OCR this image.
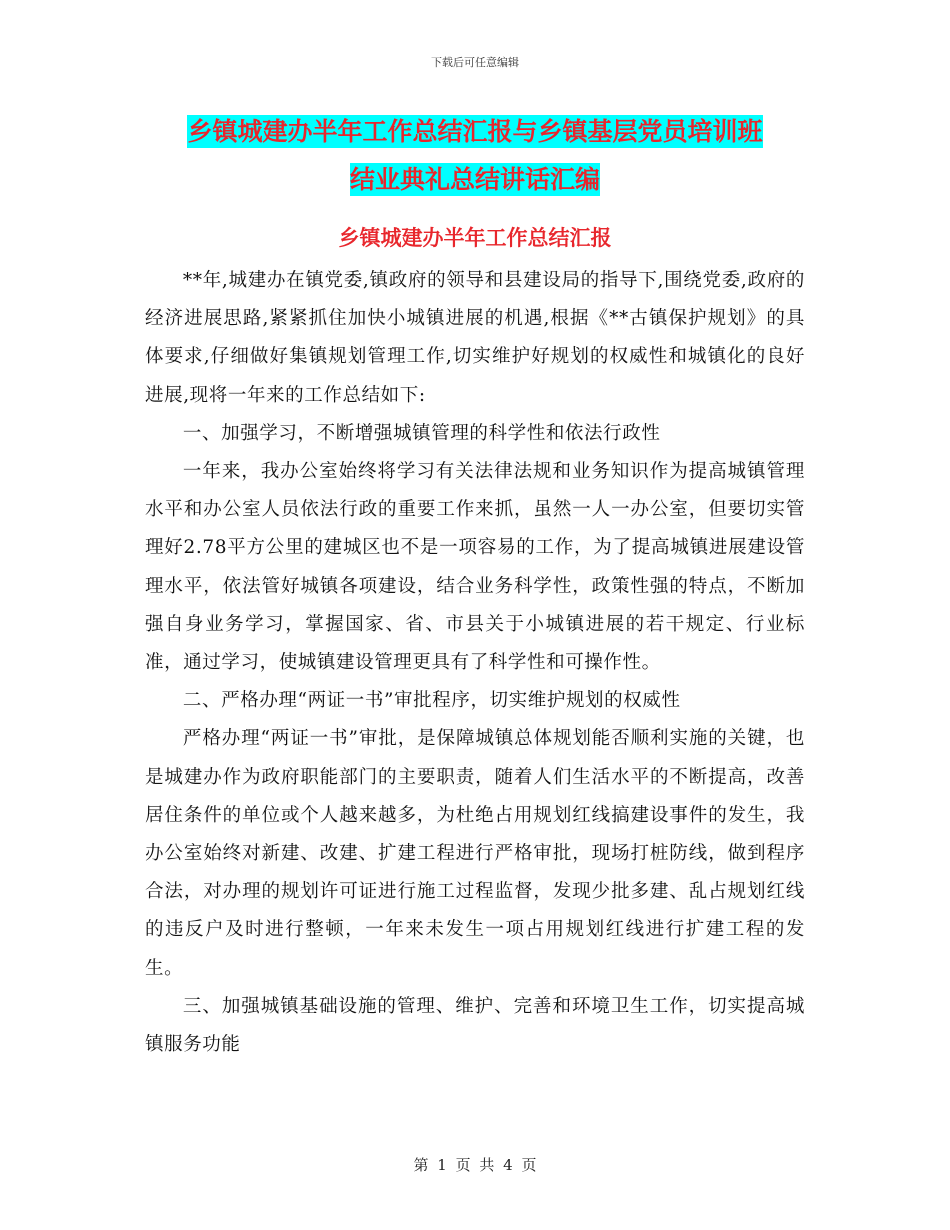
下载后可任意编辑
乡镇城建办半年工作总结汇报与乡镇基层党员培训班
结业典礼总结讲话汇编
乡镇城建办半年工作总结汇报

**年,城建办在镇党委,镇政府的领导和县建设局的指导下,围绕党委,政府的经济进展思路,紧紧抓住加快小城镇进展的机遇,根据《**古镇保护规划》的具体要求,仔细做好集镇规划管理工作,切实维护好规划的权威性和城镇化的良好进展,现将一年来的工作总结如下:

一、加强学习，不断增强城镇管理的科学性和依法行政性

一年来，我办公室始终将学习有关法律法规和业务知识作为提高城镇管理水平和办公室人员依法行政的重要工作来抓，虽然一人一办公室，但要切实管理好2.78平方公里的建城区也不是一项容易的工作，为了提高城镇进展建设管理水平，依法管好城镇各项建设，结合业务科学性，政策性强的特点，不断加强自身业务学习，掌握国家、省、市县关于小城镇进展的若干规定、行业标准，通过学习，使城镇建设管理更具有了科学性和可操作性。

二、严格办理“两证一书”审批程序，切实维护规划的权威性

严格办理“两证一书”审批，是保障城镇总体规划能否顺利实施的关键，也是城建办作为政府职能部门的主要职责，随着人们生活水平的不断提高，改善居住条件的单位或个人越来越多，为杜绝占用规划红线搞建设事件的发生，我办公室始终对新建、改建、扩建工程进行严格审批，现场打桩防线，做到程序合法，对办理的规划许可证进行施工过程监督，发现少批多建、乱占规划红线的违反户及时进行整顿，一年来未发生一项占用规划红线进行扩建工程的发生。

三、加强城镇基础设施的管理、维护、完善和环境卫生工作，切实提高城镇服务功能

第 1 页 共 4 页
